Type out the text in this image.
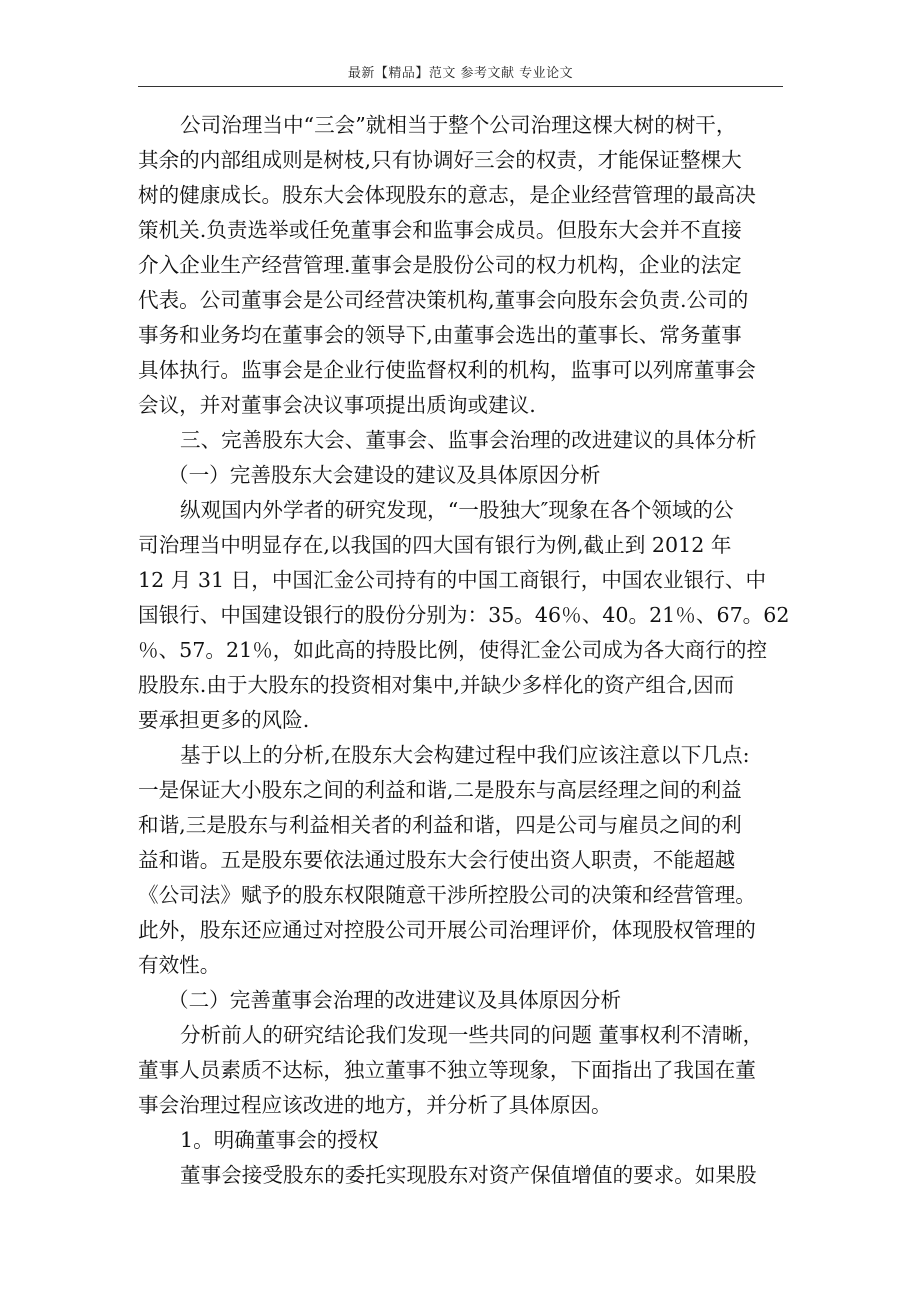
最新【精品】范文 参考文献 专业论文
公司治理当中“三会”就相当于整个公司治理这棵大树的树干，
其余的内部组成则是树枝,只有协调好三会的权责，才能保证整棵大
树的健康成长。股东大会体现股东的意志，是企业经营管理的最高决
策机关.负责选举或任免董事会和监事会成员。但股东大会并不直接
介入企业生产经营管理.董事会是股份公司的权力机构，企业的法定
代表。公司董事会是公司经营决策机构,董事会向股东会负责.公司的
事务和业务均在董事会的领导下,由董事会选出的董事长、常务董事
具体执行。监事会是企业行使监督权利的机构，监事可以列席董事会
会议，并对董事会决议事项提出质询或建议.
三、完善股东大会、董事会、监事会治理的改进建议的具体分析
（一）完善股东大会建设的建议及具体原因分析
纵观国内外学者的研究发现，“一股独大″现象在各个领域的公
司治理当中明显存在,以我国的四大国有银行为例,截止到 2012 年
12 月 31 日，中国汇金公司持有的中国工商银行，中国农业银行、中
国银行、中国建设银行的股份分别为：35。46％、40。21％、67。62
％、57。21％，如此高的持股比例，使得汇金公司成为各大商行的控
股股东.由于大股东的投资相对集中,并缺少多样化的资产组合,因而
要承担更多的风险.
基于以上的分析,在股东大会构建过程中我们应该注意以下几点:
一是保证大小股东之间的利益和谐,二是股东与高层经理之间的利益
和谐,三是股东与利益相关者的利益和谐，四是公司与雇员之间的利
益和谐。五是股东要依法通过股东大会行使出资人职责，不能超越
《公司法》赋予的股东权限随意干涉所控股公司的决策和经营管理。
此外，股东还应通过对控股公司开展公司治理评价，体现股权管理的
有效性。
（二）完善董事会治理的改进建议及具体原因分析
分析前人的研究结论我们发现一些共同的问题 董事权利不清晰，
董事人员素质不达标，独立董事不独立等现象，下面指出了我国在董
事会治理过程应该改进的地方，并分析了具体原因。
1。明确董事会的授权
董事会接受股东的委托实现股东对资产保值增值的要求。如果股
